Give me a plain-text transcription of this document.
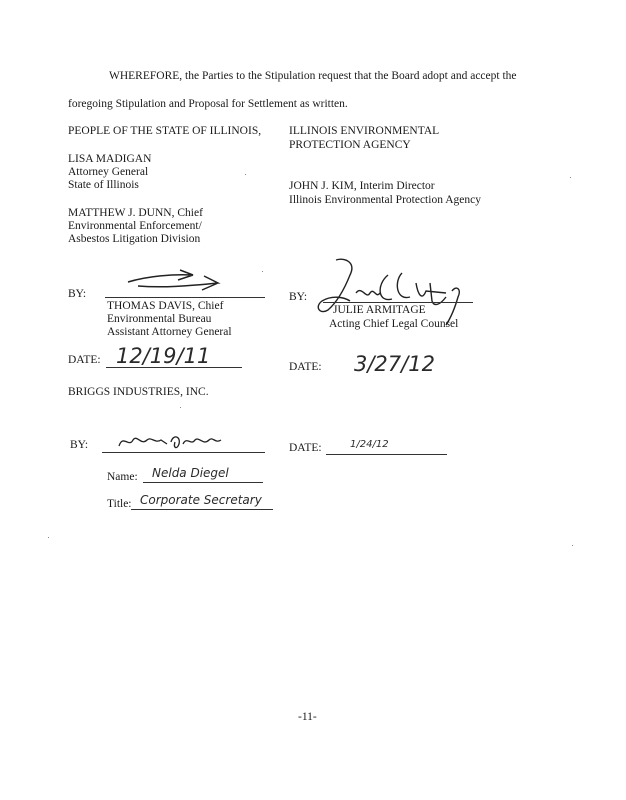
WHEREFORE, the Parties to the Stipulation request that the Board adopt and accept the
foregoing Stipulation and Proposal for Settlement as written.
PEOPLE OF THE STATE OF ILLINOIS,
LISA MADIGAN
Attorney General
State of Illinois
MATTHEW J. DUNN, Chief
Environmental Enforcement/
Asbestos Litigation Division
BY:
THOMAS DAVIS, Chief
Environmental Bureau
Assistant Attorney General
DATE: 12/19/11
ILLINOIS ENVIRONMENTAL
PROTECTION AGENCY
JOHN J. KIM, Interim Director
Illinois Environmental Protection Agency
BY:
JULIE ARMITAGE
Acting Chief Legal Counsel
DATE: 3/27/12
BRIGGS INDUSTRIES, INC.
BY:	DATE:	1/24/12
Name: Nelda Diegel
Title: Corporate Secretary
-11-
